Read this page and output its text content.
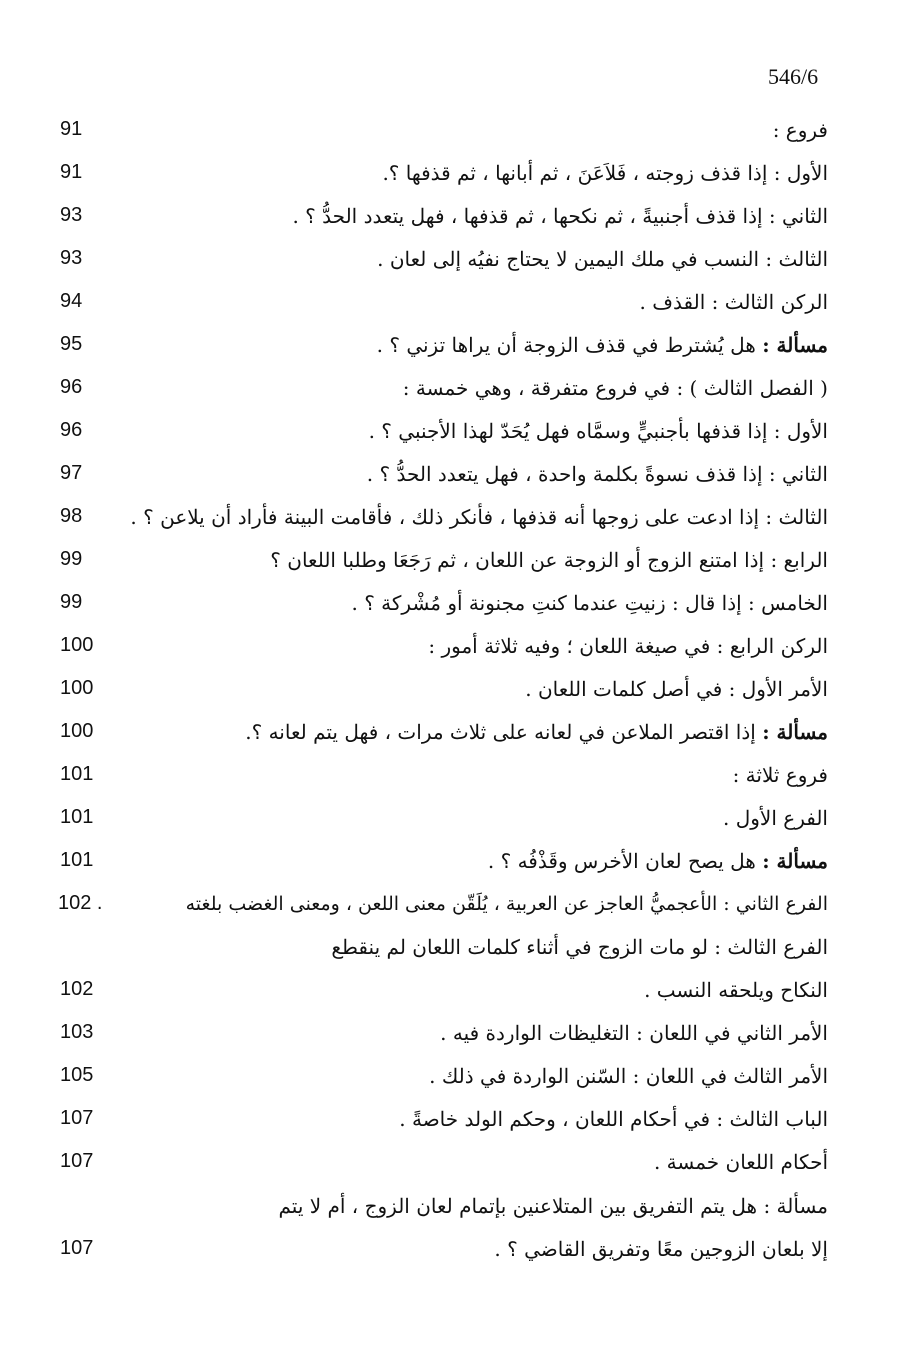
546/6
فروع :
91
الأول : إذا قذف زوجته ، فَلاَعَنَ ، ثم أبانها ، ثم قذفها ؟.
91
الثاني : إذا قذف أجنبيةً ، ثم نكحها ، ثم قذفها ، فهل يتعدد الحدُّ ؟ .
93
الثالث : النسب في ملك اليمين لا يحتاج نفيُه إلى لعان .
93
الركن الثالث : القذف .
94
مسألة : هل يُشترط في قذف الزوجة أن يراها تزني ؟ .
95
( الفصل الثالث ) : في فروع متفرقة ، وهي خمسة :
96
الأول : إذا قذفها بأجنبيٍّ وسمَّاه فهل يُحَدّ لهذا الأجنبي ؟ .
96
الثاني : إذا قذف نسوةً بكلمة واحدة ، فهل يتعدد الحدُّ ؟ .
97
الثالث : إذا ادعت على زوجها أنه قذفها ، فأنكر ذلك ، فأقامت البينة فأراد أن يلاعن ؟ .
98
الرابع : إذا امتنع الزوج أو الزوجة عن اللعان ، ثم رَجَعَا وطلبا اللعان ؟
99
الخامس : إذا قال : زنيتِ عندما كنتِ مجنونة أو مُشْركة ؟ .
99
الركن الرابع : في صيغة اللعان ؛ وفيه ثلاثة أمور :
100
الأمر الأول : في أصل كلمات اللعان .
100
مسألة : إذا اقتصر الملاعن في لعانه على ثلاث مرات ، فهل يتم لعانه ؟.
100
فروع ثلاثة :
101
الفرع الأول .
101
مسألة : هل يصح لعان الأخرس وقَذْفُه ؟ .
101
الفرع الثاني : الأعجميُّ العاجز عن العربية ، يُلَقّن معنى اللعن ، ومعنى الغضب بلغته
102 .
الفرع الثالث : لو مات الزوج في أثناء كلمات اللعان لم ينقطع
النكاح ويلحقه النسب .
102
الأمر الثاني في اللعان : التغليظات الواردة فيه .
103
الأمر الثالث في اللعان : السّنن الواردة في ذلك .
105
الباب الثالث : في أحكام اللعان ، وحكم الولد خاصةً .
107
أحكام اللعان خمسة .
107
مسألة : هل يتم التفريق بين المتلاعنين بإتمام لعان الزوج ، أم لا يتم
إلا بلعان الزوجين معًا وتفريق القاضي ؟ .
107
